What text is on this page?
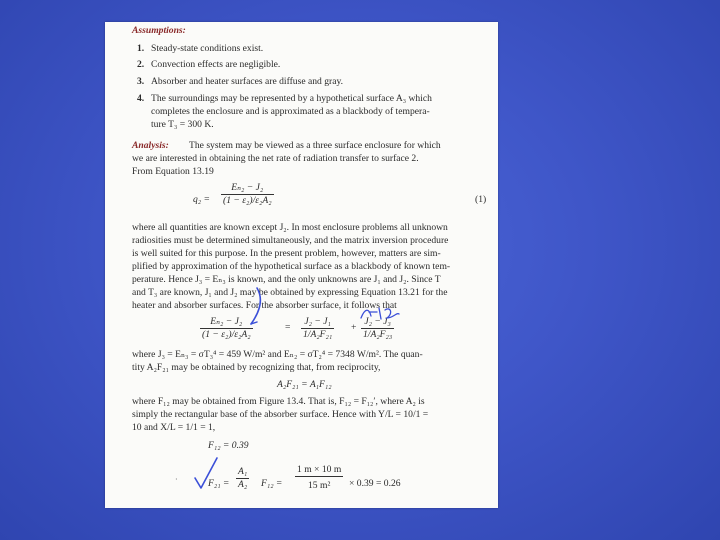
Assumptions:
1. Steady-state conditions exist.
2. Convection effects are negligible.
3. Absorber and heater surfaces are diffuse and gray.
4. The surroundings may be represented by a hypothetical surface A₃ which
completes the enclosure and is approximated as a blackbody of tempera-
ture T₃ = 300 K.
Analysis: The system may be viewed as a three surface enclosure for which
we are interested in obtaining the net rate of radiation transfer to surface 2.
From Equation 13.19
q₂ =
Eₙ₂ − J₂
(1 − ε₂)/ε₂A₂	(1)
where all quantities are known except J₂. In most enclosure problems all unknown
radiosities must be determined simultaneously, and the matrix inversion procedure
is well suited for this purpose. In the present problem, however, matters are sim-
plified by approximation of the hypothetical surface as a blackbody of known tem-
perature. Hence J₃ = Eₙ₃ is known, and the only unknowns are J₁ and J₂. Since T
and T₃ are known, J₁ and J₂ may be obtained by expressing Equation 13.21 for the
heater and absorber surfaces. For the absorber surface, it follows that
Eₙ₂ − J₂
(1 − ε₂)/ε₂A₂
=
J₂ − J₁
1/A₂F₂₁
+
J₂ − J₃
1/A₂F₂₃
where J₃ = Eₙ₃ = σT₃⁴ = 459 W/m² and Eₙ₂ = σT₂⁴ = 7348 W/m². The quan-
tity A₂F₂₁ may be obtained by recognizing that, from reciprocity,
A₂F₂₁ = A₁F₁₂
where F₁₂ may be obtained from Figure 13.4. That is, F₁₂ = F₁₂′, where A₂ is
simply the rectangular base of the absorber surface. Hence with Y/L = 10/1 =
10 and X/L = 1/1 = 1,
F₁₂ = 0.39
F₂₁ =
A₁
A₂ F₁₂ =
1 m × 10 m
15 m² × 0.39 = 0.26
·
